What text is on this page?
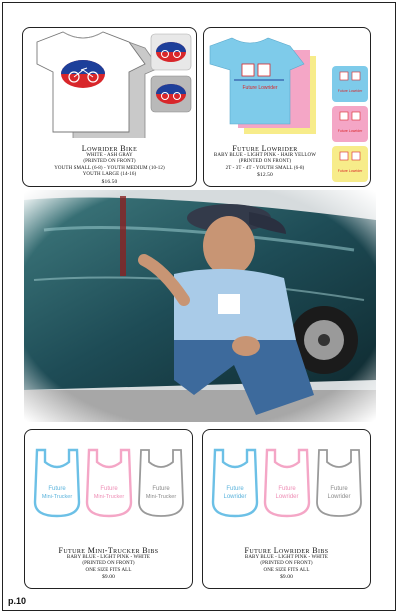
Lowrider Bike
WHITE - ASH GRAY
(PRINTED ON FRONT)
YOUTH SMALL (6-8) - YOUTH MEDIUM (10-12)
YOUTH LARGE (14-16)
$16.50
Future Lowrider	Future Lowrider
Future Lowrider
Future Lowrider
Future Lowrider
BABY BLUE - LIGHT PINK - HAIR YELLOW
(PRINTED ON FRONT)
2T - 3T - 4T - YOUTH SMALL (6-8)
$12.50
Future
Mini-Trucker
Future
Mini-Trucker
Future
Mini-Trucker
Future Mini-Trucker Bibs
BABY BLUE - LIGHT PINK - WHITE
(PRINTED ON FRONT)
ONE SIZE FITS ALL
$9.00
Future
Lowrider
Future
Lowrider
Future
Lowrider
Future Lowrider Bibs
BABY BLUE - LIGHT PINK - WHITE
(PRINTED ON FRONT)
ONE SIZE FITS ALL
$9.00
p.10
